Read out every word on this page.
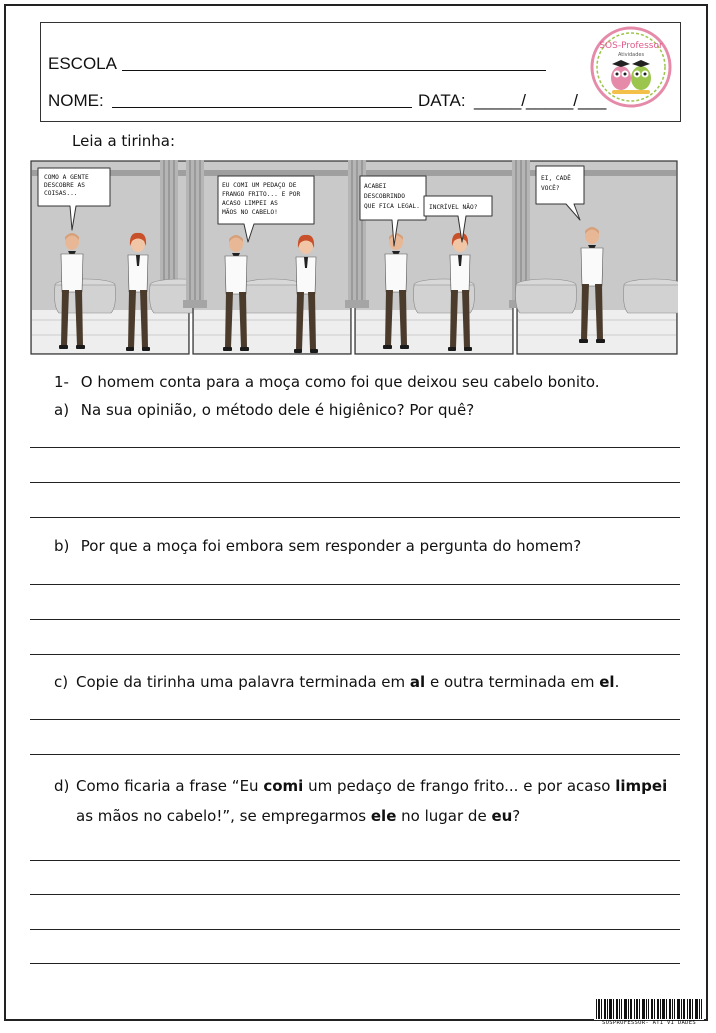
ESCOLA
NOME:	DATA: _____/_____/___
SOS-Professor
Atividades
Leia a tirinha:
COMO A GENTE
DESCOBRE AS
COISAS...
EU COMI UM PEDAÇO DE
FRANGO FRITO... E POR
ACASO LIMPEI AS
MÃOS NO CABELO!
ACABEI
DESCOBRINDO
QUE FICA LEGAL. INCRÍVEL NÃO?
EI, CADÊ
VOCÊ?
1- O homem conta para a moça como foi que deixou seu cabelo bonito.
a) Na sua opinião, o método dele é higiênico? Por quê?
b) Por que a moça foi embora sem responder a pergunta do homem?
c) Copie da tirinha uma palavra terminada em al e outra terminada em el.
d) Como ficaria a frase “Eu comi um pedaço de frango frito... e por acaso limpei
as mãos no cabelo!”, se empregarmos ele no lugar de eu?
SOSPROFESSOR- ATI VI DADES
